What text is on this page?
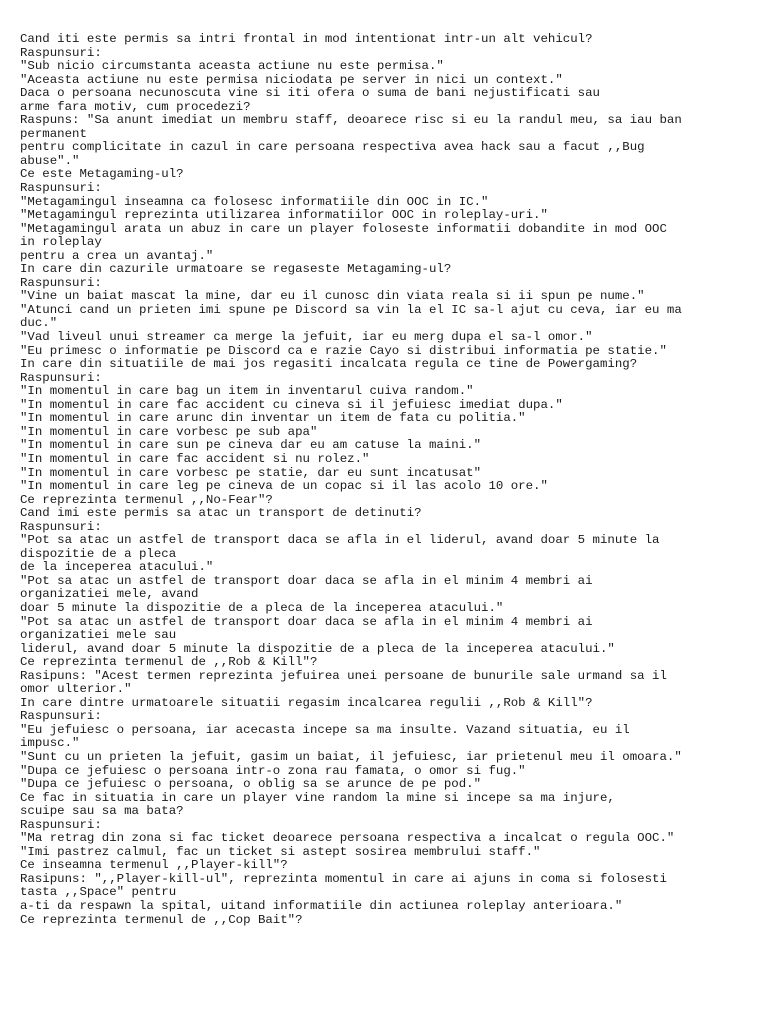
Cand iti este permis sa intri frontal in mod intentionat intr-un alt vehicul?
Raspunsuri:
"Sub nicio circumstanta aceasta actiune nu este permisa."
"Aceasta actiune nu este permisa niciodata pe server in nici un context."
Daca o persoana necunoscuta vine si iti ofera o suma de bani nejustificati sau
arme fara motiv, cum procedezi?
Raspuns: "Sa anunt imediat un membru staff, deoarece risc si eu la randul meu, sa iau ban
permanent
pentru complicitate in cazul in care persoana respectiva avea hack sau a facut ,,Bug
abuse"."
Ce este Metagaming-ul?
Raspunsuri:
"Metagamingul inseamna ca folosesc informatiile din OOC in IC."
"Metagamingul reprezinta utilizarea informatiilor OOC in roleplay-uri."
"Metagamingul arata un abuz in care un player foloseste informatii dobandite in mod OOC
in roleplay
pentru a crea un avantaj."
In care din cazurile urmatoare se regaseste Metagaming-ul?
Raspunsuri:
"Vine un baiat mascat la mine, dar eu il cunosc din viata reala si ii spun pe nume."
"Atunci cand un prieten imi spune pe Discord sa vin la el IC sa-l ajut cu ceva, iar eu ma
duc."
"Vad liveul unui streamer ca merge la jefuit, iar eu merg dupa el sa-l omor."
"Eu primesc o informatie pe Discord ca e razie Cayo si distribui informatia pe statie."
In care din situatiile de mai jos regasiti incalcata regula ce tine de Powergaming?
Raspunsuri:
"In momentul in care bag un item in inventarul cuiva random."
"In momentul in care fac accident cu cineva si il jefuiesc imediat dupa."
"In momentul in care arunc din inventar un item de fata cu politia."
"In momentul in care vorbesc pe sub apa"
"In momentul in care sun pe cineva dar eu am catuse la maini."
"In momentul in care fac accident si nu rolez."
"In momentul in care vorbesc pe statie, dar eu sunt incatusat"
"In momentul in care leg pe cineva de un copac si il las acolo 10 ore."
Ce reprezinta termenul ,,No-Fear"?
Cand imi este permis sa atac un transport de detinuti?
Raspunsuri:
"Pot sa atac un astfel de transport daca se afla in el liderul, avand doar 5 minute la
dispozitie de a pleca
de la inceperea atacului."
"Pot sa atac un astfel de transport doar daca se afla in el minim 4 membri ai
organizatiei mele, avand
doar 5 minute la dispozitie de a pleca de la inceperea atacului."
"Pot sa atac un astfel de transport doar daca se afla in el minim 4 membri ai
organizatiei mele sau
liderul, avand doar 5 minute la dispozitie de a pleca de la inceperea atacului."
Ce reprezinta termenul de ,,Rob & Kill"?
Rasipuns: "Acest termen reprezinta jefuirea unei persoane de bunurile sale urmand sa il
omor ulterior."
In care dintre urmatoarele situatii regasim incalcarea regulii ,,Rob & Kill"?
Raspunsuri:
"Eu jefuiesc o persoana, iar acecasta incepe sa ma insulte. Vazand situatia, eu il
impusc."
"Sunt cu un prieten la jefuit, gasim un baiat, il jefuiesc, iar prietenul meu il omoara."
"Dupa ce jefuiesc o persoana intr-o zona rau famata, o omor si fug."
"Dupa ce jefuiesc o persoana, o oblig sa se arunce de pe pod."
Ce fac in situatia in care un player vine random la mine si incepe sa ma injure,
scuipe sau sa ma bata?
Raspunsuri:
"Ma retrag din zona si fac ticket deoarece persoana respectiva a incalcat o regula OOC."
"Imi pastrez calmul, fac un ticket si astept sosirea membrului staff."
Ce inseamna termenul ,,Player-kill"?
Rasipuns: ",,Player-kill-ul", reprezinta momentul in care ai ajuns in coma si folosesti
tasta ,,Space" pentru
a-ti da respawn la spital, uitand informatiile din actiunea roleplay anterioara."
Ce reprezinta termenul de ,,Cop Bait"?
